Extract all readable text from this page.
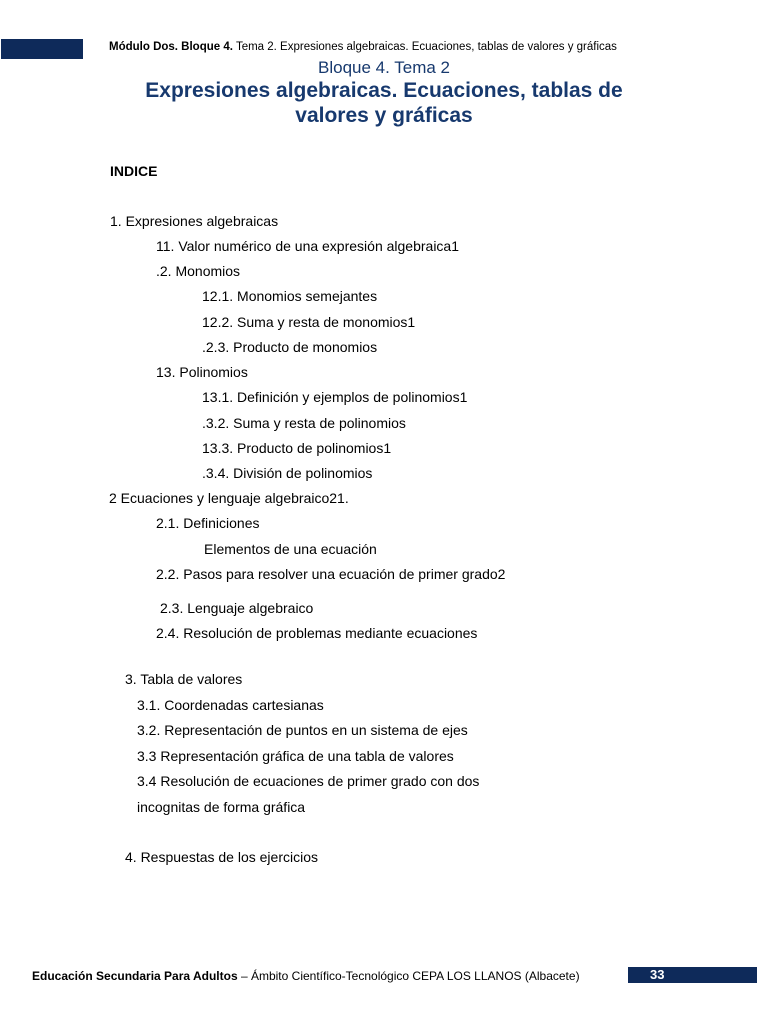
Módulo Dos. Bloque 4. Tema 2. Expresiones algebraicas. Ecuaciones, tablas de valores y gráficas
Bloque 4. Tema 2
Expresiones algebraicas. Ecuaciones, tablas de
valores y gráficas
INDICE
1. Expresiones algebraicas
11. Valor numérico de una expresión algebraica1
.2. Monomios
12.1. Monomios semejantes
12.2. Suma y resta de monomios1
.2.3. Producto de monomios
13. Polinomios
13.1. Definición y ejemplos de polinomios1
.3.2. Suma y resta de polinomios
13.3. Producto de polinomios1
.3.4. División de polinomios
2 Ecuaciones y lenguaje algebraico21.
2.1. Definiciones
Elementos de una ecuación
2.2. Pasos para resolver una ecuación de primer grado2
2.3. Lenguaje algebraico
2.4. Resolución de problemas mediante ecuaciones
3. Tabla de valores
3.1. Coordenadas cartesianas
3.2. Representación de puntos en un sistema de ejes
3.3 Representación gráfica de una tabla de valores
3.4 Resolución de ecuaciones de primer grado con dos
incognitas de forma gráfica
4. Respuestas de los ejercicios
Educación Secundaria Para Adultos – Ámbito Científico-Tecnológico CEPA LOS LLANOS (Albacete)	33
